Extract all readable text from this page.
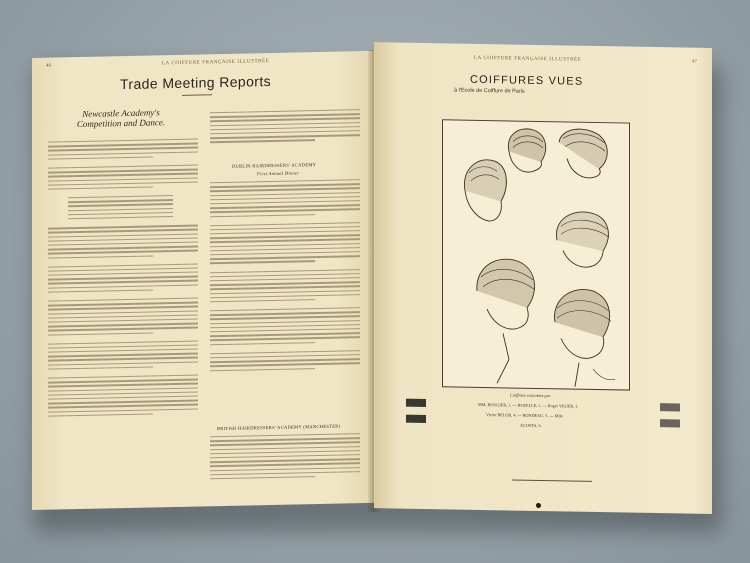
LA COIFFURE FRANÇAISE ILLUSTRÉE
46
Trade Meeting Reports
Newcastle Academy's Competition and Dance.
DUBLIN HAIRDRESSERS' ACADEMY
First Annual Dinner
BRITISH HAIRDRESSERS' ACADEMY (MANCHESTER)
LA COIFFURE FRANÇAISE ILLUSTRÉE	47
COIFFURES VUES
à l'Ecole de Coiffure de Paris
Coiffures exécutées par
MM. BOUGIER, 1. — BOZELLE, 2. — Roger VIGIER, 3.
Victor BELOR, 4. — BONDEAU, 5. — Mlle
ACOSTA, 6.
